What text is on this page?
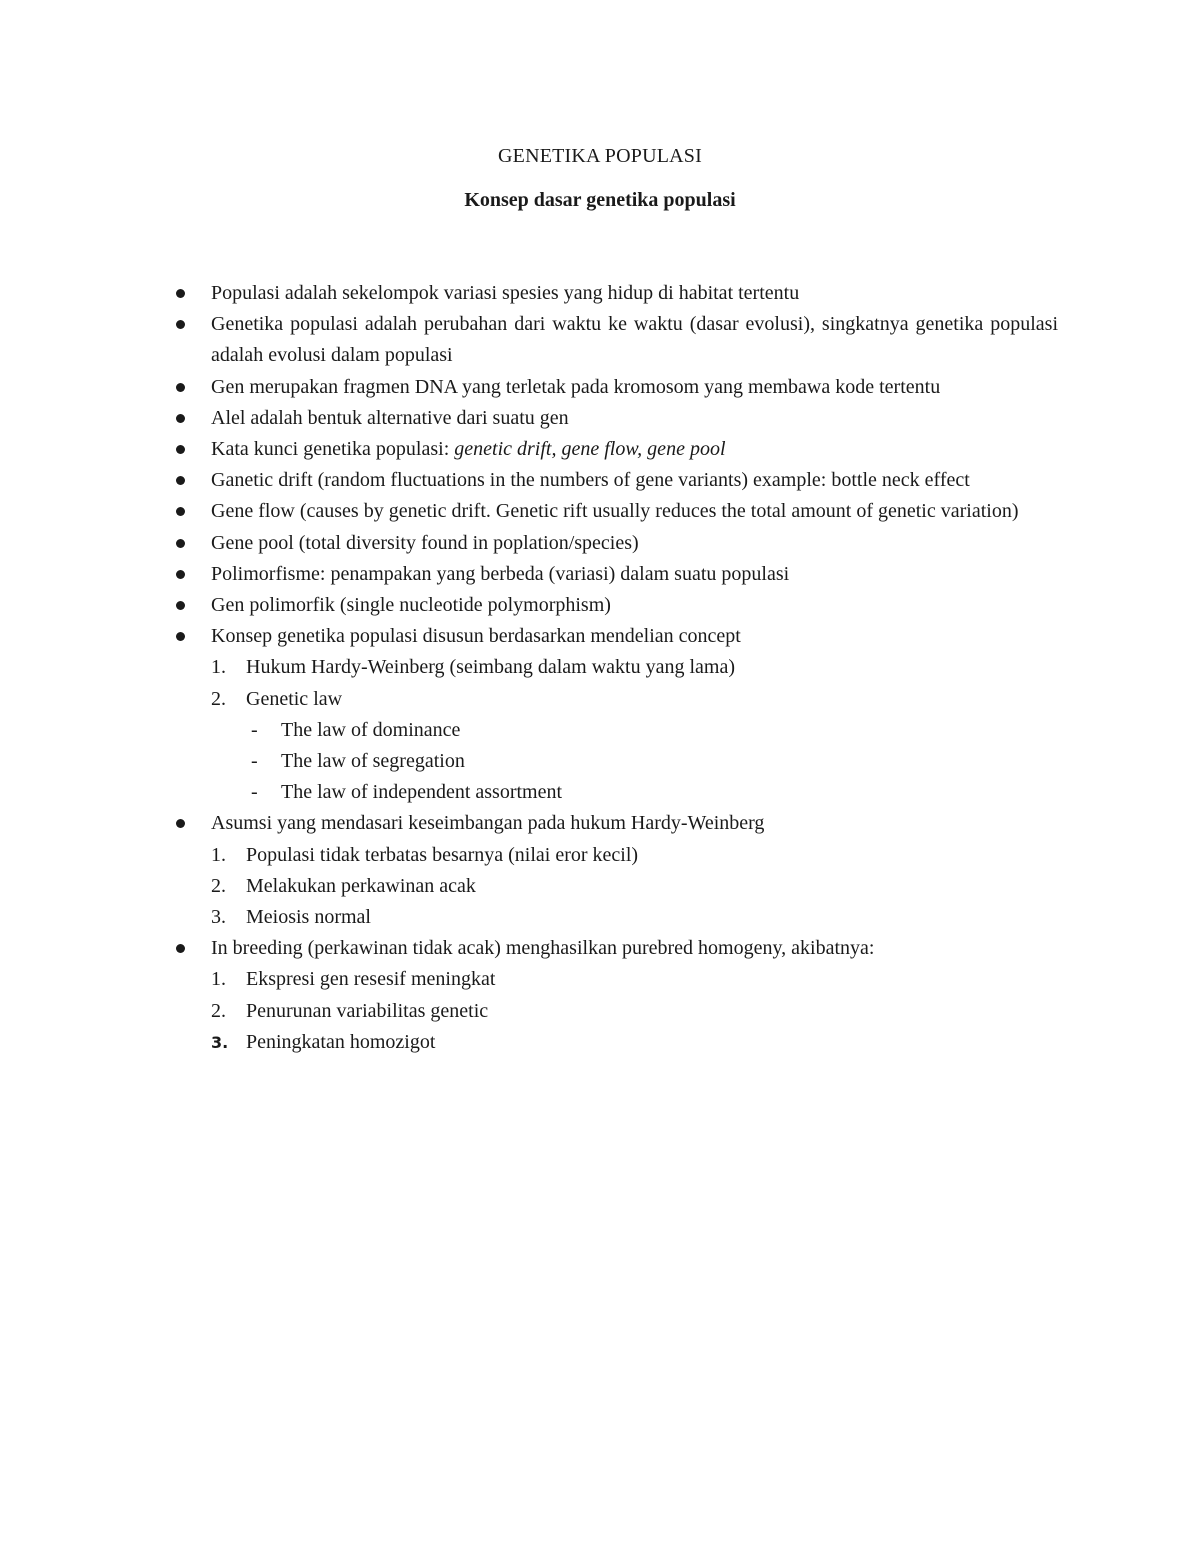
GENETIKA POPULASI
Konsep dasar genetika populasi
Populasi adalah sekelompok variasi spesies yang hidup di habitat tertentu
Genetika populasi adalah perubahan dari waktu ke waktu (dasar evolusi), singkatnya genetika populasi adalah evolusi dalam populasi
Gen merupakan fragmen DNA yang terletak pada kromosom yang membawa kode tertentu
Alel adalah bentuk alternative dari suatu gen
Kata kunci genetika populasi: genetic drift, gene flow, gene pool
Ganetic drift (random fluctuations in the numbers of gene variants) example: bottle neck effect
Gene flow (causes by genetic drift. Genetic rift usually reduces the total amount of genetic variation)
Gene pool (total diversity found in poplation/species)
Polimorfisme: penampakan yang berbeda (variasi) dalam suatu populasi
Gen polimorfik (single nucleotide polymorphism)
Konsep genetika populasi disusun berdasarkan mendelian concept
1. Hukum Hardy-Weinberg (seimbang dalam waktu yang lama)
2. Genetic law
- The law of dominance
- The law of segregation
- The law of independent assortment
Asumsi yang mendasari keseimbangan pada hukum Hardy-Weinberg
1. Populasi tidak terbatas besarnya (nilai eror kecil)
2. Melakukan perkawinan acak
3. Meiosis normal
In breeding (perkawinan tidak acak) menghasilkan purebred homogeny, akibatnya:
1. Ekspresi gen resesif meningkat
2. Penurunan variabilitas genetic
3. Peningkatan homozigot
